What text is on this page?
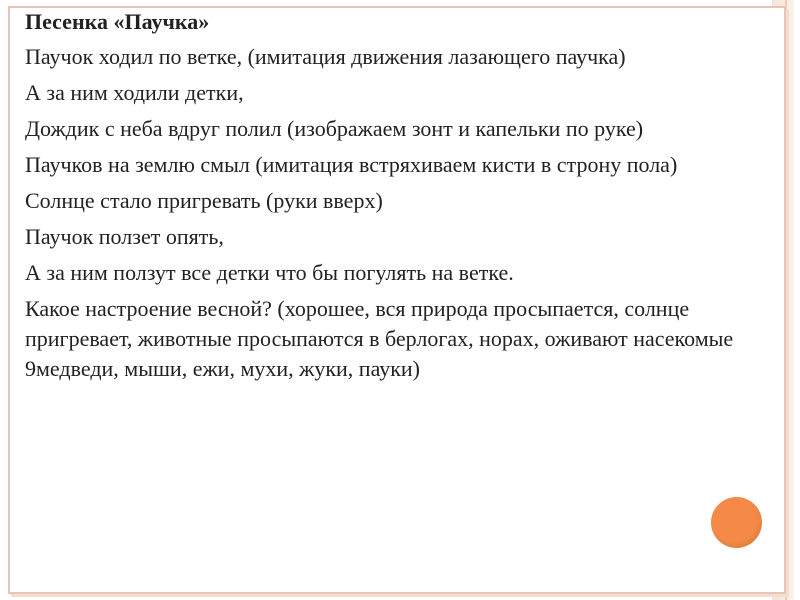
Песенка «Паучка»
Паучок ходил по ветке, (имитация движения лазающего паучка)
А за ним ходили детки,
Дождик с неба вдруг полил (изображаем зонт и капельки по руке)
Паучков на землю смыл (имитация встряхиваем кисти в строну пола)
Солнце стало пригревать (руки вверх)
Паучок ползет опять,
А за ним ползут все детки что бы погулять на ветке.
Какое настроение весной? (хорошее, вся природа просыпается, солнце пригревает, животные просыпаются в берлогах, норах, оживают насекомые 9медведи, мыши, ежи, мухи, жуки, пауки)
